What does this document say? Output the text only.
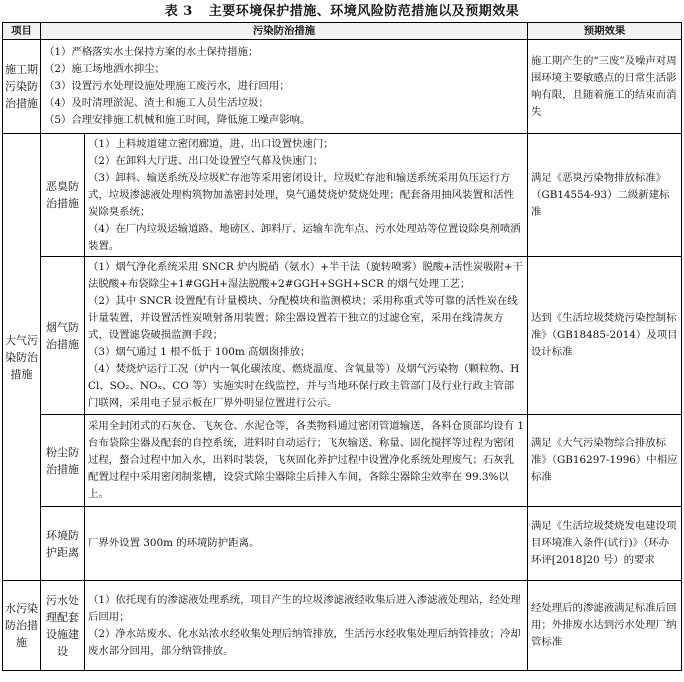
表 3 主要环境保护措施、环境风险防范措施以及预期效果
项目	污染防治措施		预期效果
施工期污染防治措施	（1）严格落实水土保持方案的水土保持措施；
（2）施工场地洒水抑尘；
（3）设置污水处理设施处理施工废污水，进行回用；
（4）及时清理淤泥、渣土和施工人员生活垃圾；
（5）合理安排施工机械和施工时间，降低施工噪声影响。		施工期产生的“三废”及噪声对周围环境主要敏感点的日常生活影响有限，且随着施工的结束而消失
大气污染防治措施	恶臭防治措施	（1）上料坡道建立密闭廊道，进、出口设置快速门；
（2）在卸料大厅进、出口处设置空气幕及快速门；
（3）卸料、输送系统及垃圾贮存池等采用密闭设计，垃圾贮存池和输送系统采用负压运行方式，垃圾渗滤液处理构筑物加盖密封处理，臭气通焚烧炉焚烧处理；配套备用抽风装置和活性炭除臭系统；
（4）在厂内垃圾运输道路、地磅区、卸料厅、运输车洗车点、污水处理站等位置设除臭剂喷洒装置。	满足《恶臭污染物排放标准》（GB14554-93）二级新建标准
	烟气防治措施	（1）烟气净化系统采用 SNCR 炉内脱硝（氨水）+半干法（旋转喷雾）脱酸+活性炭吸附+干法脱酸+布袋除尘+1#GGH+湿法脱酸+2#GGH+SGH+SCR 的烟气处理工艺；
（2）其中 SNCR 设置配有计量模块、分配模块和监测模块；采用称重式等可靠的活性炭在线计量装置，并设置活性炭喷射备用装置；除尘器设置若干独立的过滤仓室，采用在线清灰方式，设置滤袋破损监测手段；
（3）烟气通过 1 根不低于 100m 高烟囱排放；
（4）焚烧炉运行工况（炉内一氧化碳浓度、燃烧温度、含氧量等）及烟气污染物（颗粒物、HCl、SO₂、NOₓ、CO 等）实施实时在线监控，并与当地环保行政主管部门及行业行政主管部门联网，采用电子显示板在厂界外明显位置进行公示。	达到《生活垃圾焚烧污染控制标准》（GB18485-2014）及项目设计标准
	粉尘防治措施	采用全封闭式的石灰仓、飞灰仓、水泥仓等，各类物料通过密闭管道输送，各料仓顶部均设有 1 台布袋除尘器及配套的自控系统，进料时自动运行；飞灰输送、称量、固化搅拌等过程为密闭过程，螯合过程中加入水，出料时装袋，飞灰固化养护过程中设置净化系统处理废气；石灰乳配置过程中采用密闭制浆槽，设袋式除尘器除尘后排入车间，各除尘器除尘效率在 99.3%以上。	满足《大气污染物综合排放标准》（GB16297-1996）中相应标准
	环境防护距离	厂界外设置 300m 的环境防护距离。	满足《生活垃圾焚烧发电建设项目环境准入条件(试行)》（环办环评[2018]20 号）的要求
水污染防治措施	污水处理配套设施建设	（1）依托现有的渗滤液处理系统，项目产生的垃圾渗滤液经收集后进入渗滤液处理站，经处理后回用；
（2）净水站废水、化水站浓水经收集处理后纳管排放，生活污水经收集处理后纳管排放；冷却废水部分回用，部分纳管排放。	经处理后的渗滤液满足标准后回用；外排废水达到污水处理厂纳管标准
